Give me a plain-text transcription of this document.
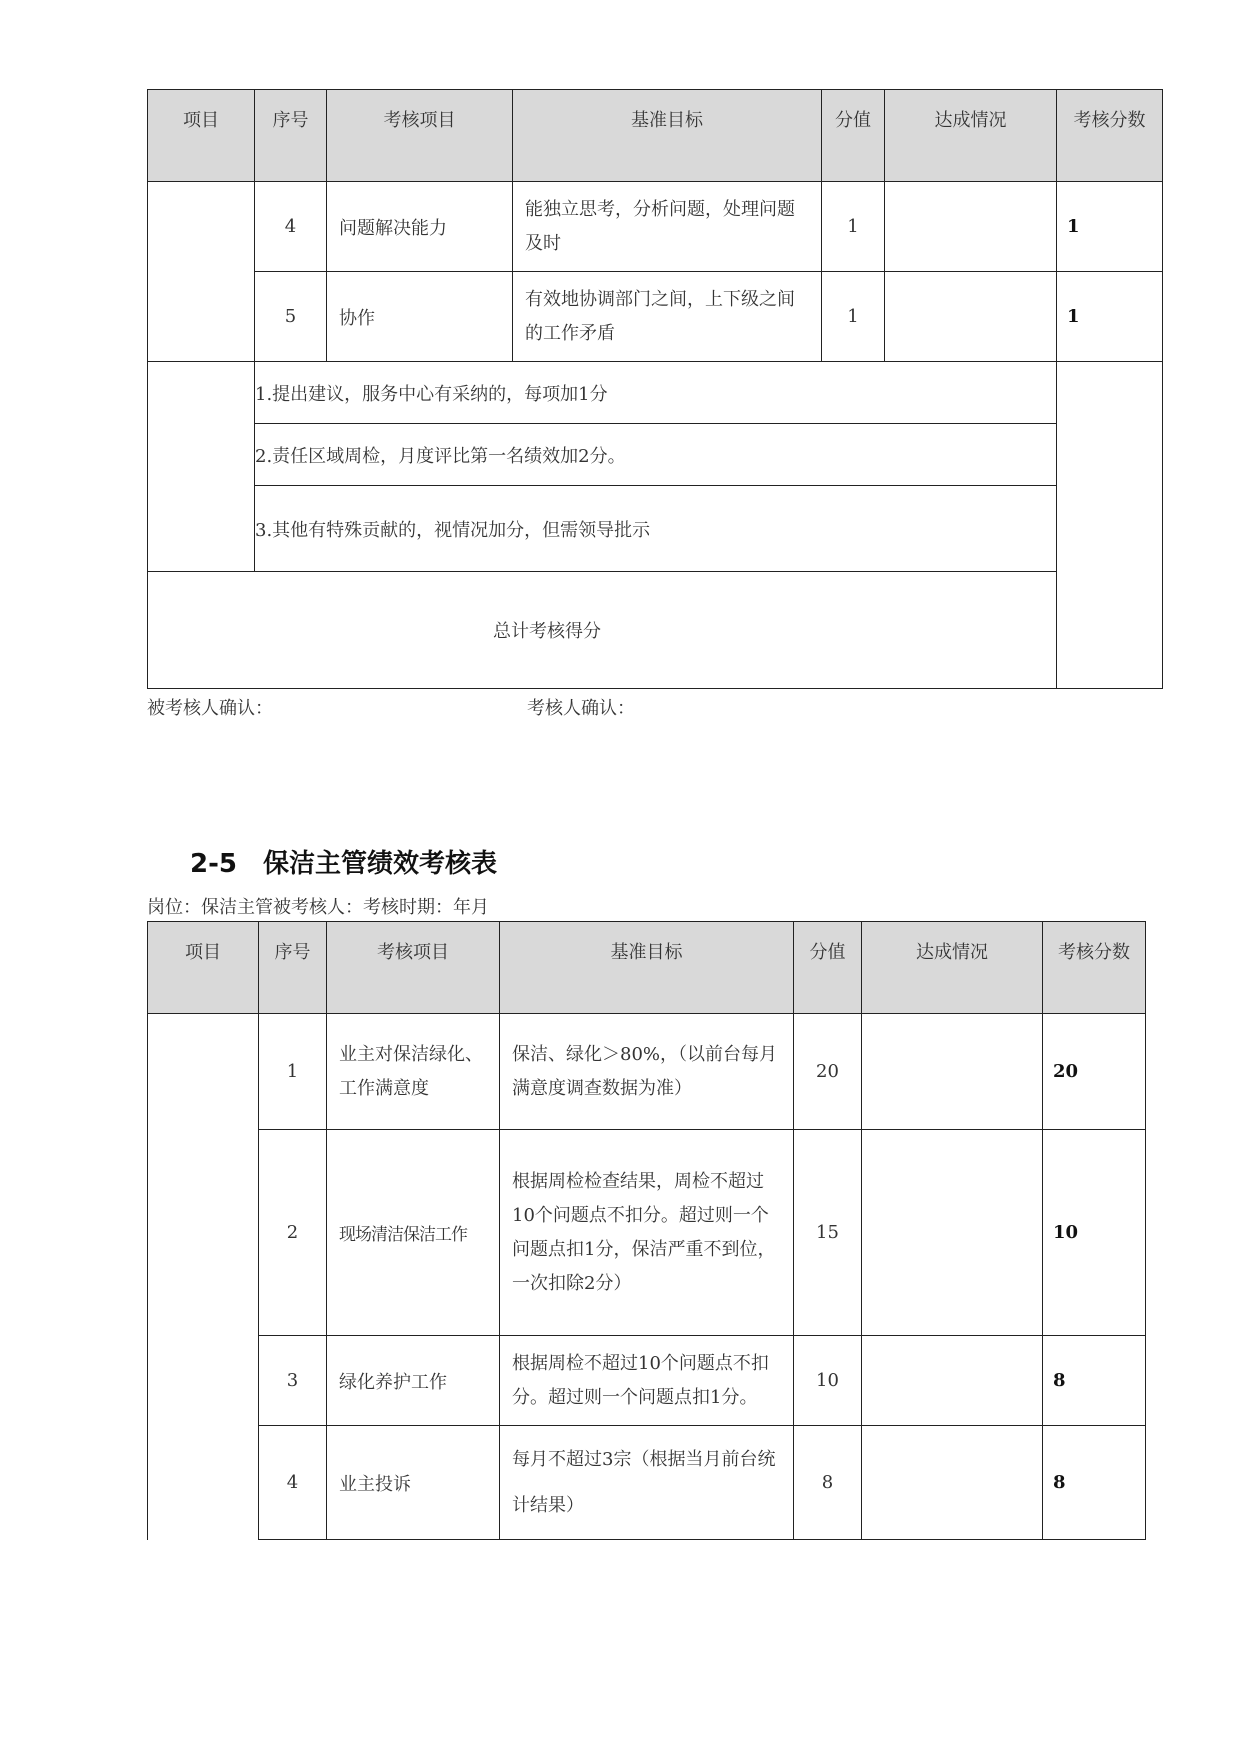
项目	序号	考核项目	基准目标	分值	达成情况	考核分数
	4	问题解决能力	能独立思考，分析问题，处理问题及时	1		1
	5	协作	有效地协调部门之间，上下级之间的工作矛盾	1		1
	1.提出建议，服务中心有采纳的，每项加1分					
	2.责任区域周检，月度评比第一名绩效加2分。					
	3.其他有特殊贡献的，视情况加分，但需领导批示					
总计考核得分						
被考核人确认：	考核人确认：
2-5　保洁主管绩效考核表
岗位：保洁主管被考核人：考核时期：年月
项目	序号	考核项目	基准目标	分值	达成情况	考核分数
	1	业主对保洁绿化、工作满意度	保洁、绿化＞80%，（以前台每月满意度调查数据为准）	20		20
	2	现场清洁保洁工作	根据周检检查结果，周检不超过10个问题点不扣分。超过则一个问题点扣1分，保洁严重不到位，一次扣除2分）	15		10
	3	绿化养护工作	根据周检不超过10个问题点不扣分。超过则一个问题点扣1分。	10		8
	4	业主投诉	每月不超过3宗（根据当月前台统计结果）	8		8
